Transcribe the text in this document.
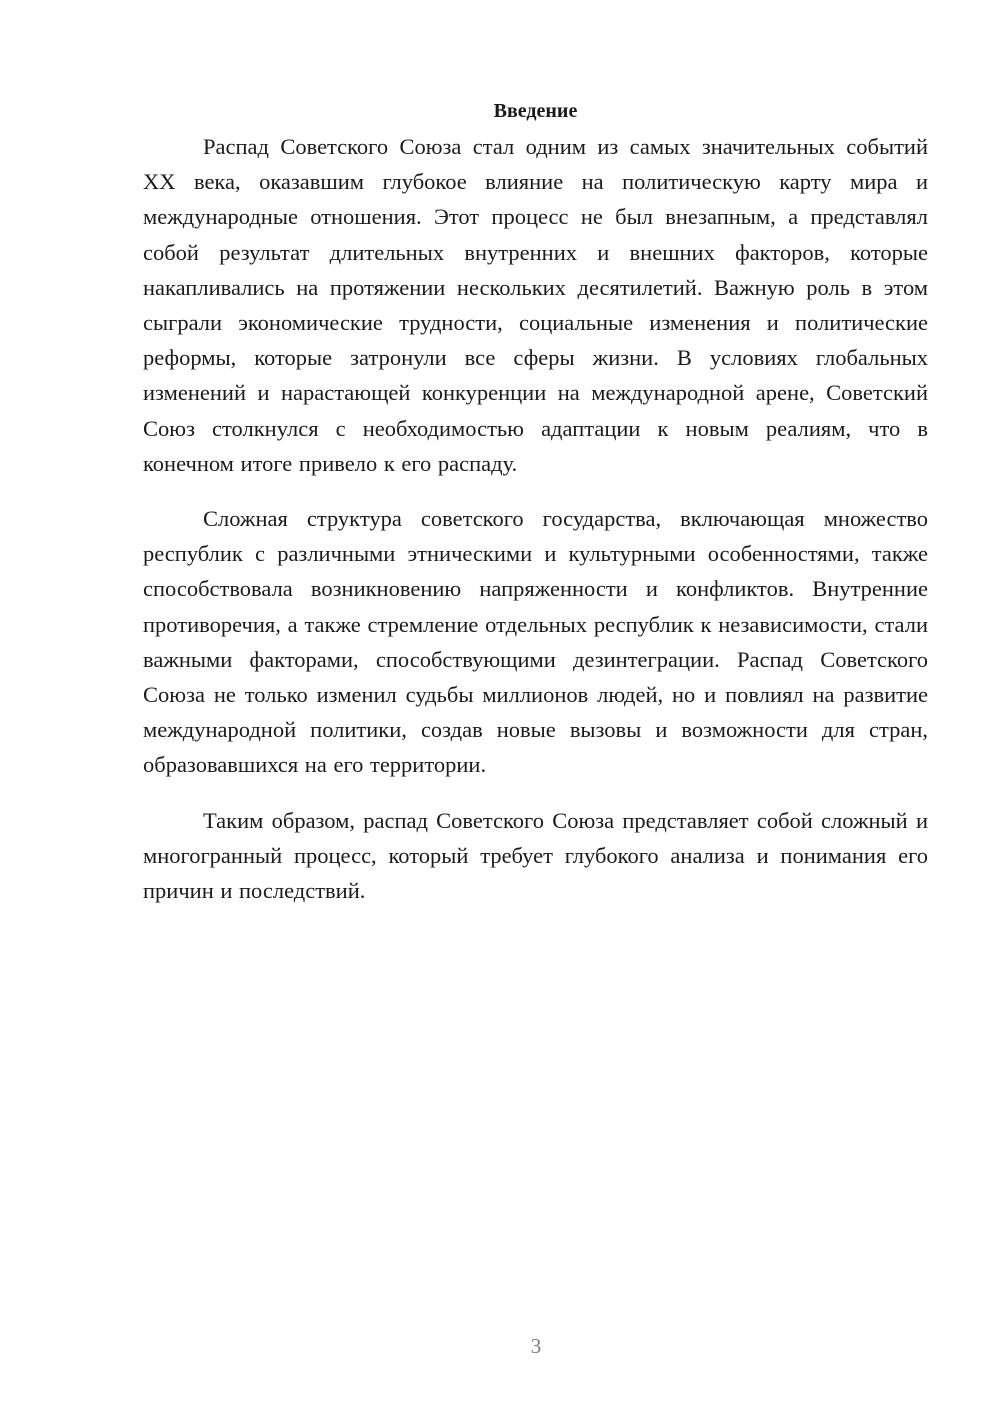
Введение

Распад Советского Союза стал одним из самых значительных событий XX века, оказавшим глубокое влияние на политическую карту мира и международные отношения. Этот процесс не был внезапным, а представлял собой результат длительных внутренних и внешних факторов, которые накапливались на протяжении нескольких десятилетий. Важную роль в этом сыграли экономические трудности, социальные изменения и политические реформы, которые затронули все сферы жизни. В условиях глобальных изменений и нарастающей конкуренции на международной арене, Советский Союз столкнулся с необходимостью адаптации к новым реалиям, что в конечном итоге привело к его распаду.

Сложная структура советского государства, включающая множество республик с различными этническими и культурными особенностями, также способствовала возникновению напряженности и конфликтов. Внутренние противоречия, а также стремление отдельных республик к независимости, стали важными факторами, способствующими дезинтеграции. Распад Советского Союза не только изменил судьбы миллионов людей, но и повлиял на развитие международной политики, создав новые вызовы и возможности для стран, образовавшихся на его территории.

Таким образом, распад Советского Союза представляет собой сложный и многогранный процесс, который требует глубокого анализа и понимания его причин и последствий.

3
